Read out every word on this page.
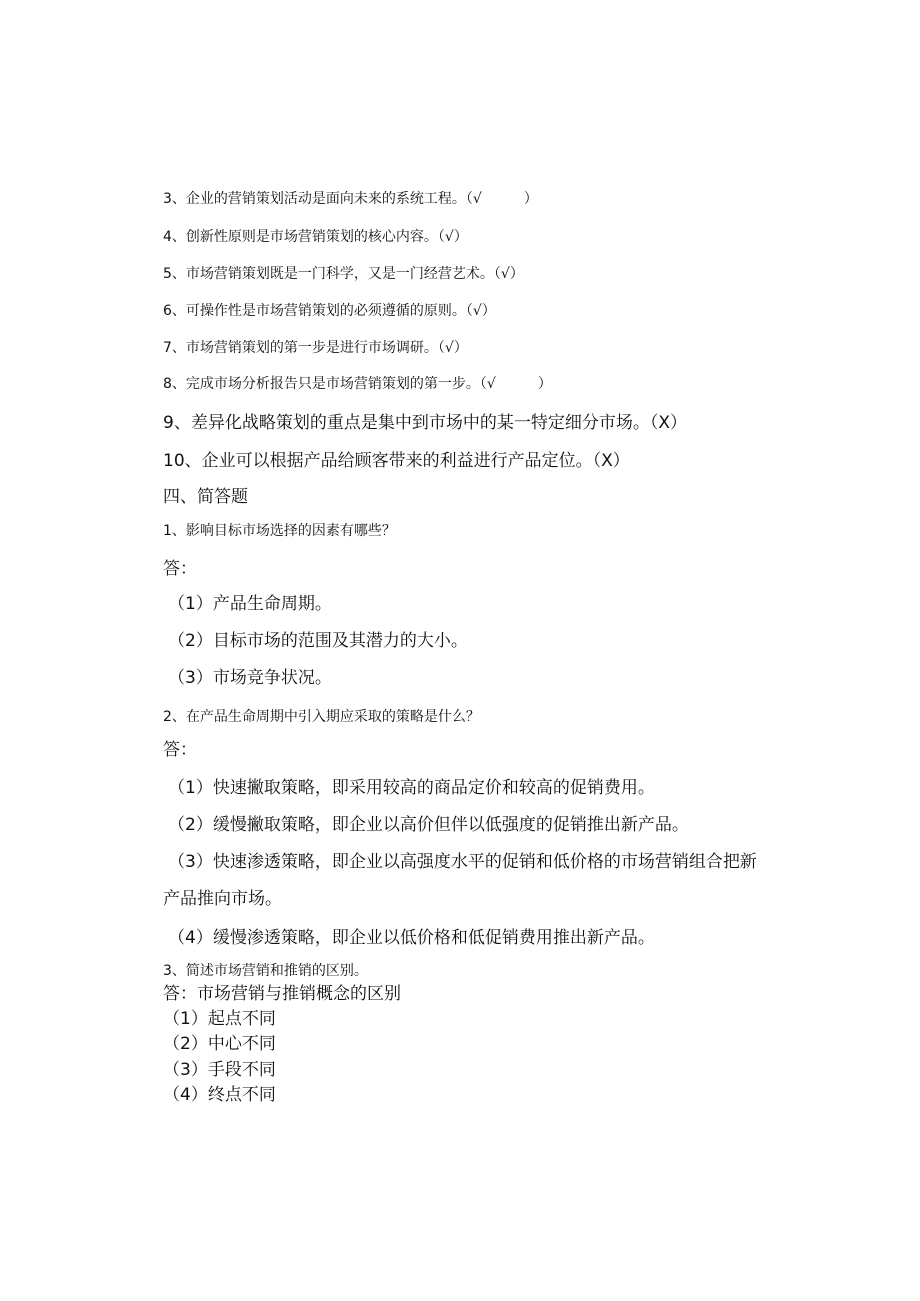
3、企业的营销策划活动是面向未来的系统工程。（√　　　）
4、创新性原则是市场营销策划的核心内容。（√）
5、市场营销策划既是一门科学，又是一门经营艺术。（√）
6、可操作性是市场营销策划的必须遵循的原则。（√）
7、市场营销策划的第一步是进行市场调研。（√）
8、完成市场分析报告只是市场营销策划的第一步。（√　　　）
9、差异化战略策划的重点是集中到市场中的某一特定细分市场。（X）
10、企业可以根据产品给顾客带来的利益进行产品定位。（X）
四、简答题
1、影响目标市场选择的因素有哪些？
答：
（1）产品生命周期。
（2）目标市场的范围及其潜力的大小。
（3）市场竞争状况。
2、在产品生命周期中引入期应采取的策略是什么？
答：
（1）快速撇取策略，即采用较高的商品定价和较高的促销费用。
（2）缓慢撇取策略，即企业以高价但伴以低强度的促销推出新产品。
（3）快速渗透策略，即企业以高强度水平的促销和低价格的市场营销组合把新
产品推向市场。
（4）缓慢渗透策略，即企业以低价格和低促销费用推出新产品。
3、简述市场营销和推销的区别。
答：市场营销与推销概念的区别
（1）起点不同
（2）中心不同
（3）手段不同
（4）终点不同
